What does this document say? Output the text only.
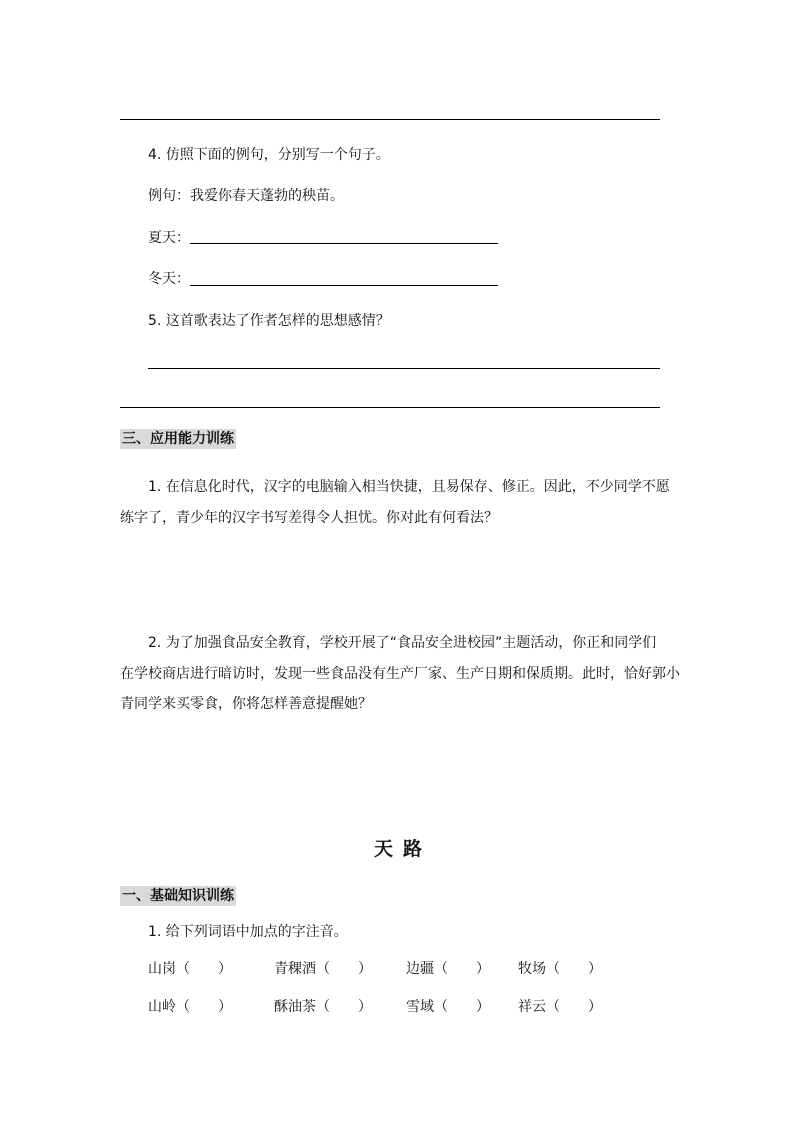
4. 仿照下面的例句，分别写一个句子。
例句：我爱你春天蓬勃的秧苗。
夏天：
冬天：
5. 这首歌表达了作者怎样的思想感情？
三、应用能力训练
1. 在信息化时代，汉字的电脑输入相当快捷，且易保存、修正。因此，不少同学不愿
练字了，青少年的汉字书写差得令人担忧。你对此有何看法？
2. 为了加强食品安全教育，学校开展了“食品安全进校园”主题活动，你正和同学们
在学校商店进行暗访时，发现一些食品没有生产厂家、生产日期和保质期。此时，恰好郭小
青同学来买零食，你将怎样善意提醒她？
天路
一、基础知识训练
1. 给下列词语中加点的字注音。
山岗（　　）	青稞酒（　　） 边疆（　　） 牧场（　　）
山岭（　　）	酥油茶（　　） 雪域（　　） 祥云（　　）
